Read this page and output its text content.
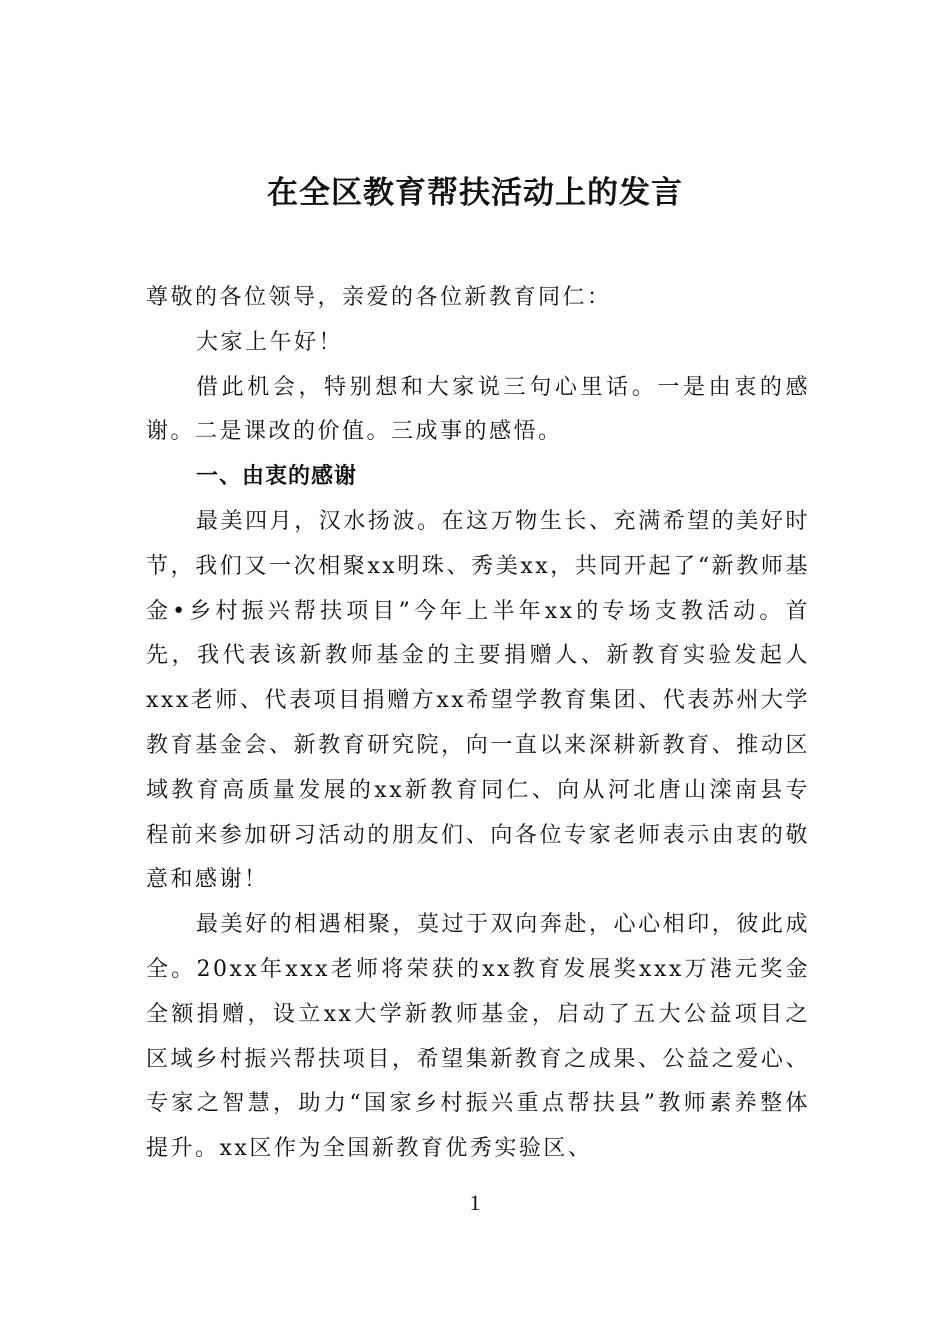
在全区教育帮扶活动上的发言

尊敬的各位领导，亲爱的各位新教育同仁：

大家上午好！

借此机会，特别想和大家说三句心里话。一是由衷的感谢。二是课改的价值。三成事的感悟。

一、由衷的感谢

最美四月，汉水扬波。在这万物生长、充满希望的美好时节，我们又一次相聚xx明珠、秀美xx，共同开起了“新教师基金•乡村振兴帮扶项目”今年上半年xx的专场支教活动。首先，我代表该新教师基金的主要捐赠人、新教育实验发起人xxx老师、代表项目捐赠方xx希望学教育集团、代表苏州大学教育基金会、新教育研究院，向一直以来深耕新教育、推动区域教育高质量发展的xx新教育同仁、向从河北唐山滦南县专程前来参加研习活动的朋友们、向各位专家老师表示由衷的敬意和感谢！

最美好的相遇相聚，莫过于双向奔赴，心心相印，彼此成全。20xx年xxx老师将荣获的xx教育发展奖xxx万港元奖金全额捐赠，设立xx大学新教师基金，启动了五大公益项目之区域乡村振兴帮扶项目，希望集新教育之成果、公益之爱心、专家之智慧，助力“国家乡村振兴重点帮扶县”教师素养整体提升。xx区作为全国新教育优秀实验区、

1
